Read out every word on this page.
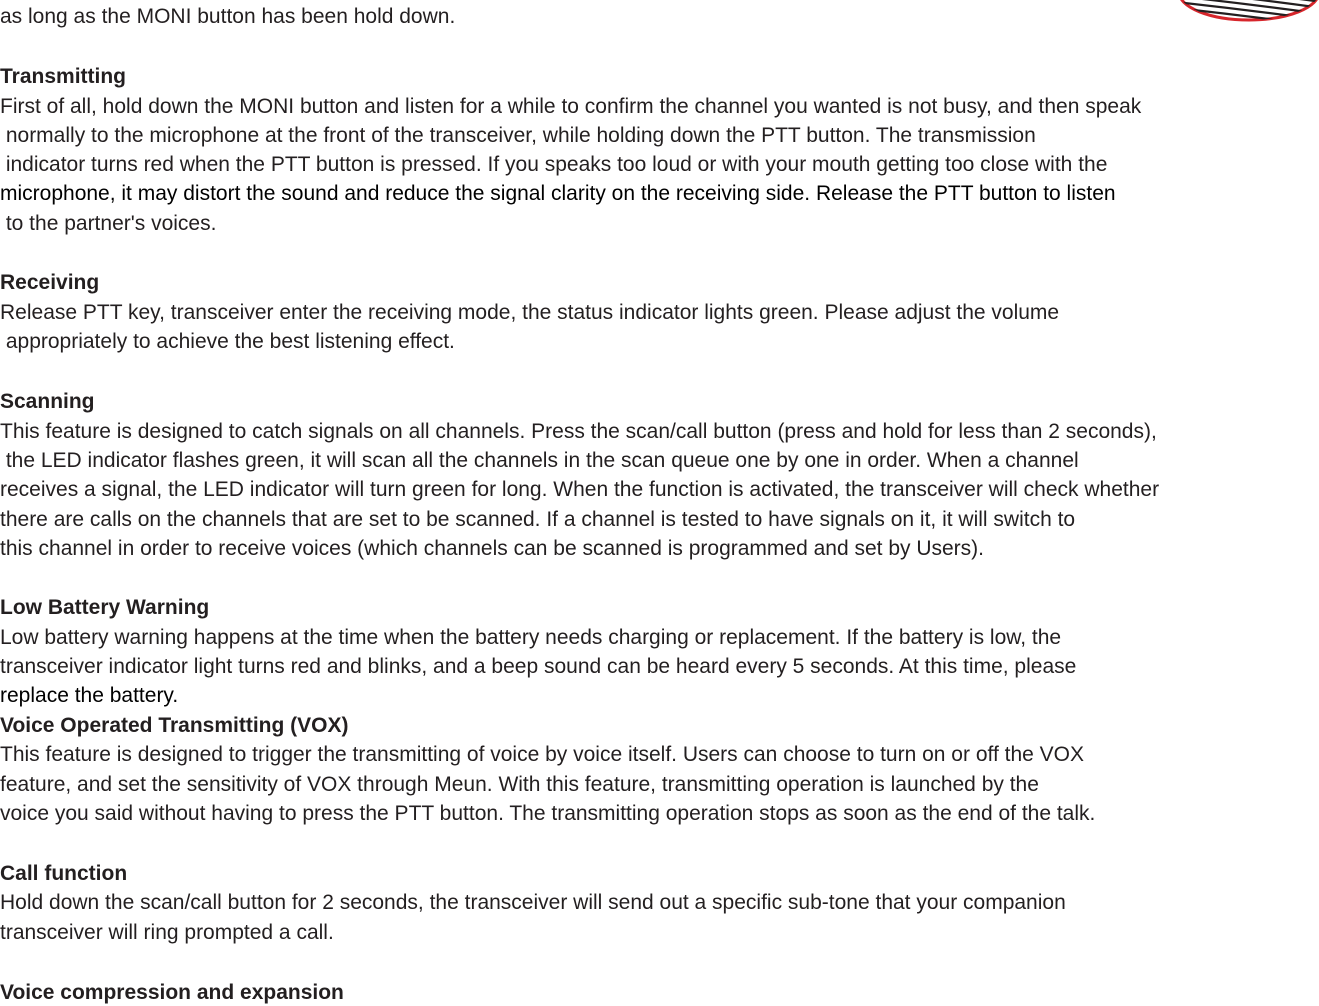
as long as the MONI button has been hold down.
Transmitting
First of all, hold down the MONI button and listen for a while to confirm the channel you wanted is not busy, and then speak
normally to the microphone at the front of the transceiver, while holding down the PTT button. The transmission
indicator turns red when the PTT button is pressed. If you speaks too loud or with your mouth getting too close with the
microphone, it may distort the sound and reduce the signal clarity on the receiving side. Release the PTT button to listen
to the partner's voices.
Receiving
Release PTT key, transceiver enter the receiving mode, the status indicator lights green. Please adjust the volume
appropriately to achieve the best listening effect.
Scanning
This feature is designed to catch signals on all channels. Press the scan/call button (press and hold for less than 2 seconds),
the LED indicator flashes green, it will scan all the channels in the scan queue one by one in order. When a channel
receives a signal, the LED indicator will turn green for long. When the function is activated, the transceiver will check whether
there are calls on the channels that are set to be scanned. If a channel is tested to have signals on it, it will switch to
this channel in order to receive voices (which channels can be scanned is programmed and set by Users).
Low Battery Warning
Low battery warning happens at the time when the battery needs charging or replacement. If the battery is low, the
transceiver indicator light turns red and blinks, and a beep sound can be heard every 5 seconds. At this time, please
replace the battery.
Voice Operated Transmitting (VOX)
This feature is designed to trigger the transmitting of voice by voice itself. Users can choose to turn on or off the VOX
feature, and set the sensitivity of VOX through Meun. With this feature, transmitting operation is launched by the
voice you said without having to press the PTT button. The transmitting operation stops as soon as the end of the talk.
Call function
Hold down the scan/call button for 2 seconds, the transceiver will send out a specific sub-tone that your companion
transceiver will ring prompted a call.
Voice compression and expansion
